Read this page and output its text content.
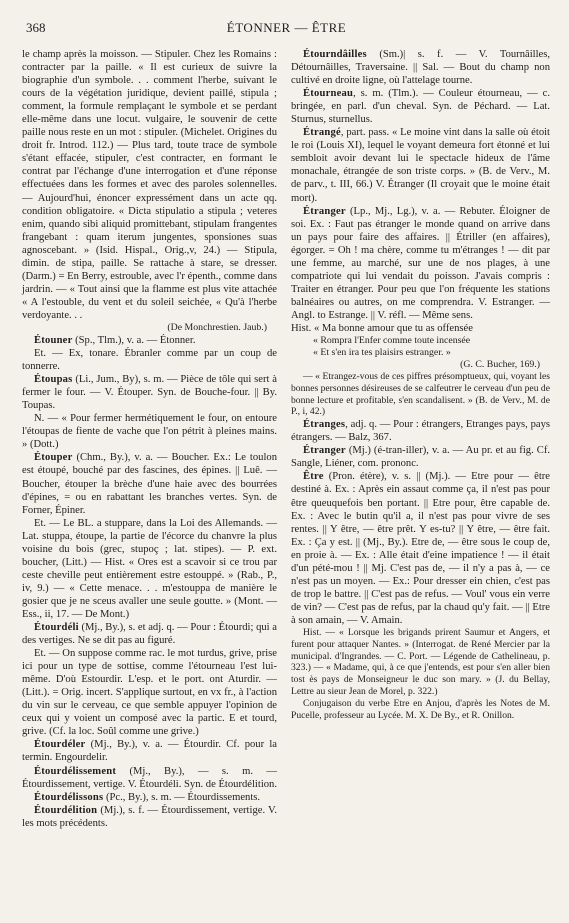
368	ÉTONNER — ÊTRE

le champ après la moisson. — Stipuler. Chez les Romains : contracter par la paille. « Il est curieux de suivre la biographie d'un symbole. . . comment l'herbe, suivant le cours de la végétation juridique, devient paillé, stipula ; comment, la formule remplaçant le symbole et se perdant elle-même dans une locut. vulgaire, le souvenir de cette paille nous reste en un mot : stipuler. (Michelet. Origines du droit fr. Introd. 112.) — Plus tard, toute trace de symbole s'étant effacée, stipuler, c'est contracter, en formant le contrat par l'échange d'une interrogation et d'une réponse effectuées dans les formes et avec des paroles solennelles. — Aujourd'hui, énoncer expressément dans un acte qq. condition obligatoire. « Dicta stipulatio a stipula ; veteres enim, quando sibi aliquid promittebant, stipulam frangentes frangebant : quam iterum jungentes, sponsiones suas agnoscebant. » (Isid. Hispal., Orig.,v, 24.) — Stipula, dimin. de stipa, paille. Se rattache à stare, se dresser. (Darm.) = En Berry, estrouble, avec l'r épenth., comme dans jardrin. — « Tout ainsi que la flamme est plus vite attachée « A l'estouble, du vent et du soleil seichée, « Qu'à l'herbe verdoyante. . .

(De Monchrestien. Jaub.)

Étouner (Sp., Tlm.), v. a. — Étonner.

Et. — Ex, tonare. Ébranler comme par un coup de tonnerre.

Étoupas (Li., Jum., By), s. m. — Pièce de tôle qui sert à fermer le four. — V. Étouper. Syn. de Bouche-four. || By. Toupas.

N. — « Pour fermer hermétiquement le four, on entoure l'étoupas de fiente de vache que l'on pétrit à pleines mains. » (Dott.)

Étouper (Chm., By.), v. a. — Boucher. Ex.: Le toulon est étoupé, bouché par des fascines, des épines. || Luê. — Boucher, étouper la brèche d'une haie avec des bourrées d'épines, = ou en rabattant les branches vertes. Syn. de Forner, Épiner.

Et. — Le BL. a stuppare, dans la Loi des Allemands. — Lat. stuppa, étoupe, la partie de l'écorce du chanvre la plus voisine du bois (grec, stupoç ; lat. stipes). — P. ext. boucher, (Litt.) — Hist. « Ores est a scavoir si ce trou par ceste cheville peut entièrement estre estouppé. » (Rab., P., iv, 9.) — « Cette menace. . . m'estouppa de manière le gosier que je ne sceus avaller une seule goutte. » (Mont. — Ess., ii, 17. — De Mont.)

Étourdéli (Mj., By.), s. et adj. q. — Pour : Étourdi; qui a des vertiges. Ne se dit pas au figuré.

Et. — On suppose comme rac. le mot turdus, grive, prise ici pour un type de sottise, comme l'étourneau l'est lui-même. D'où Estourdir. L'esp. et le port. ont Aturdir. — (Litt.). = Orig. incert. S'applique surtout, en vx fr., à l'action du vin sur le cerveau, ce que semble appuyer l'opinion de ceux qui y voient un composé avec la partic. E et tourd, grive. (Cf. la loc. Soûl comme une grive.)

Étourdéler (Mj., By.), v. a. — Étourdir. Cf. pour la termin. Engourdelir.

Étourdélissement (Mj., By.), — s. m. — Étourdissement, vertige. V. Étourdéli. Syn. de Étourdélition.

Étourdélissons (Pc., By.), s. m. — Étourdissements.

Étourdélition (Mj.), s. f. — Étourdissement, vertige. V. les mots précédents.

Étourndâilles (Sm.)| s. f. — V. Tournâilles, Détournâilles, Traversaine. || Sal. — Bout du champ non cultivé en droite ligne, où l'attelage tourne.

Étourneau, s. m. (Tlm.). — Couleur étourneau, — c. bringée, en parl. d'un cheval. Syn. de Péchard. — Lat. Sturnus, sturnellus.

Étrangé, part. pass. « Le moine vint dans la salle où étoit le roi (Louis XI), lequel le voyant demeura fort étonné et lui sembloit avoir devant lui le spectacle hideux de l'âme monachale, étrangée de son triste corps. » (B. de Verv., M. de parv., t. III, 66.) V. Étranger (Il croyait que le moine était mort).

Étranger (Lp., Mj., Lg.), v. a. — Rebuter. Éloigner de soi. Ex. : Faut pas étranger le monde quand on arrive dans un pays pour faire des affaires. || Étriller (en affaires), égorger. = Oh ! ma chère, comme tu m'étranges ! — dit par une femme, au marché, sur une de nos plages, à une compatriote qui lui vendait du poisson. J'avais compris : Traiter en étranger. Pour peu que l'on fréquente les stations balnéaires ou autres, on me comprendra. V. Estranger. — Angl. to Estrange. || V. réfl. — Même sens.

Hist. « Ma bonne amour que tu as offensée

« Rompra l'Enfer comme toute incensée

« Et s'en ira tes plaisirs estranger. »

(G. C. Bucher, 169.)

— « Etrangez-vous de ces piffres présomptueux, qui, voyant les bonnes personnes désireuses de se calfeutrer le cerveau d'un peu de bonne lecture et profitable, s'en scandalisent. » (B. de Verv., M. de P., i, 42.)

Étranges, adj. q. — Pour : étrangers, Etranges pays, pays étrangers. — Balz, 367.

Étranger (Mj.) (é-tran-iller), v. a. — Au pr. et au fig. Cf. Sangle, Liéner, com. prononc.

Être (Pron. étère), v. s. || (Mj.). — Etre pour — être destiné à. Ex. : Après ein assaut comme ça, il n'est pas pour être queuquefois ben portant. || Etre pour, être capable de. Ex. : Avec le butin qu'il a, il n'est pas pour vivre de ses rentes. || Y être, — être prêt. Y es-tu? || Y être, — être fait. Ex. : Ça y est. || (Mj., By.). Etre de, — être sous le coup de, en proie à. — Ex. : Alle était d'eine impatience ! — il était d'un pété-mou ! || Mj. C'est pas de, — il n'y a pas à, — ce n'est pas un moyen. — Ex.: Pour dresser ein chien, c'est pas de trop le battre. || C'est pas de refus. — Voul' vous ein verre de vin? — C'est pas de refus, par la chaud qu'y fait. — || Etre à son amain, — V. Amain.

Hist. — « Lorsque les brigands prirent Saumur et Angers, et furent pour attaquer Nantes. » (Interrogat. de René Mercier par la municipal. d'Ingrandes. — C. Port. — Légende de Cathelineau, p. 323.) — « Madame, qui, à ce que j'entends, est pour s'en aller bien tost ès pays de Monseigneur le duc son mary. » (J. du Bellay, Lettre au sieur Jean de Morel, p. 322.)

Conjugaison du verbe Etre en Anjou, d'après les Notes de M. Pucelle, professeur au Lycée. M. X. De By., et R. Onillon.
